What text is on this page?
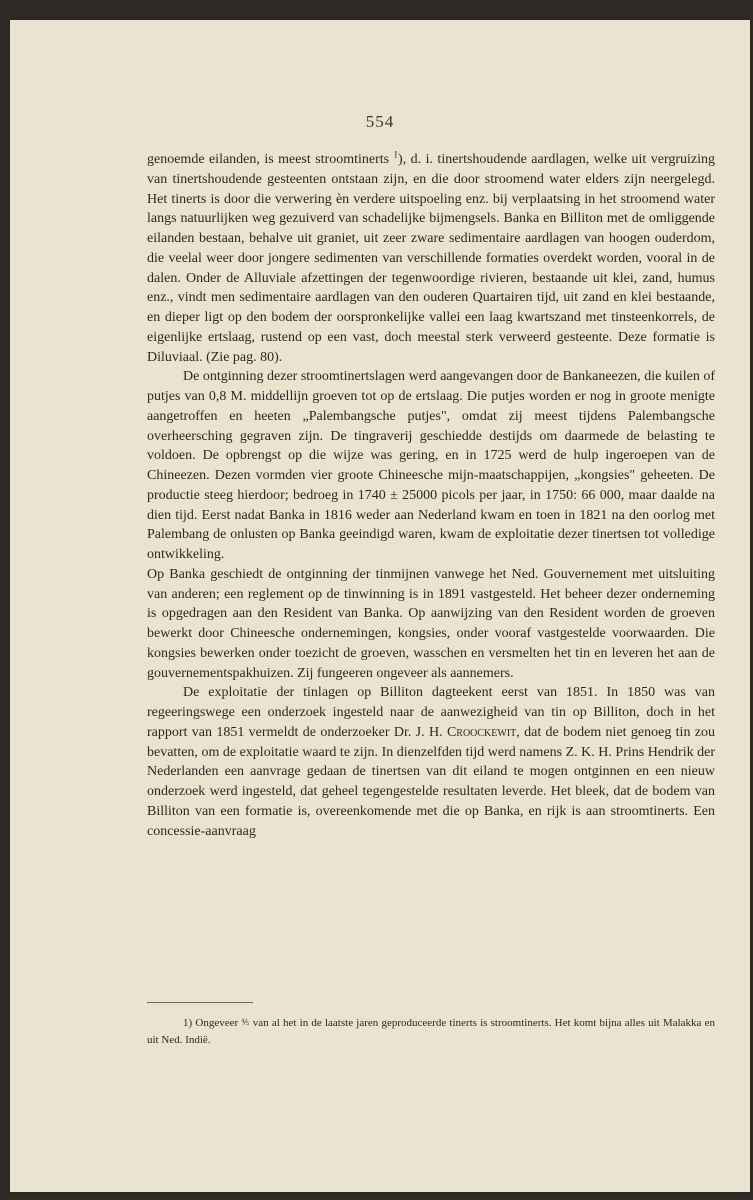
554

genoemde eilanden, is meest stroomtinerts $^1$), d. i. tinertshoudende aardlagen, welke uit vergruizing van tinertshoudende gesteenten ontstaan zijn, en die door stroomend water elders zijn neergelegd. Het tinerts is door die verwering èn verdere uitspoeling enz. bij verplaatsing in het stroomend water langs natuurlijken weg gezuiverd van schadelijke bijmengsels. Banka en Billiton met de omliggende eilanden bestaan, behalve uit graniet, uit zeer zware sedimentaire aardlagen van hoogen ouderdom, die veelal weer door jongere sedimenten van verschillende formaties overdekt worden, vooral in de dalen. Onder de Alluviale afzettingen der tegenwoordige rivieren, bestaande uit klei, zand, humus enz., vindt men sedimentaire aardlagen van den ouderen Quartairen tijd, uit zand en klei bestaande, en dieper ligt op den bodem der oorspronkelijke vallei een laag kwartszand met tinsteenkorrels, de eigenlijke ertslaag, rustend op een vast, doch meestal sterk verweerd gesteente. Deze formatie is Diluviaal. (Zie pag. 80).

De ontginning dezer stroomtinertslagen werd aangevangen door de Bankaneezen, die kuilen of putjes van 0,8 M. middellijn groeven tot op de ertslaag. Die putjes worden er nog in groote menigte aangetroffen en heeten „Palembangsche putjes", omdat zij meest tijdens Palembangsche overheersching gegraven zijn. De tingraverij geschiedde destijds om daarmede de belasting te voldoen. De opbrengst op die wijze was gering, en in 1725 werd de hulp ingeroepen van de Chineezen. Dezen vormden vier groote Chineesche mijn-maatschappijen, „kongsies" geheeten. De productie steeg hierdoor; bedroeg in 1740 ± 25000 picols per jaar, in 1750: 66 000, maar daalde na dien tijd. Eerst nadat Banka in 1816 weder aan Nederland kwam en toen in 1821 na den oorlog met Palembang de onlusten op Banka geeindigd waren, kwam de exploitatie dezer tinertsen tot volledige ontwikkeling.

Op Banka geschiedt de ontginning der tinmijnen vanwege het Ned. Gouvernement met uitsluiting van anderen; een reglement op de tinwinning is in 1891 vastgesteld. Het beheer dezer onderneming is opgedragen aan den Resident van Banka. Op aanwijzing van den Resident worden de groeven bewerkt door Chineesche ondernemingen, kongsies, onder vooraf vastgestelde voorwaarden. Die kongsies bewerken onder toezicht de groeven, wasschen en versmelten het tin en leveren het aan de gouvernementspakhuizen. Zij fungeeren ongeveer als aannemers.

De exploitatie der tinlagen op Billiton dagteekent eerst van 1851. In 1850 was van regeeringswege een onderzoek ingesteld naar de aanwezigheid van tin op Billiton, doch in het rapport van 1851 vermeldt de onderzoeker Dr. J. H. Croockewit, dat de bodem niet genoeg tin zou bevatten, om de exploitatie waard te zijn. In dienzelfden tijd werd namens Z. K. H. Prins Hendrik der Nederlanden een aanvrage gedaan de tinertsen van dit eiland te mogen ontginnen en een nieuw onderzoek werd ingesteld, dat geheel tegengestelde resultaten leverde. Het bleek, dat de bodem van Billiton van een formatie is, overeenkomende met die op Banka, en rijk is aan stroomtinerts. Een concessie-aanvraag

1) Ongeveer ⅘ van al het in de laatste jaren geproduceerde tinerts is stroomtinerts. Het komt bijna alles uit Malakka en uit Ned. Indië.
